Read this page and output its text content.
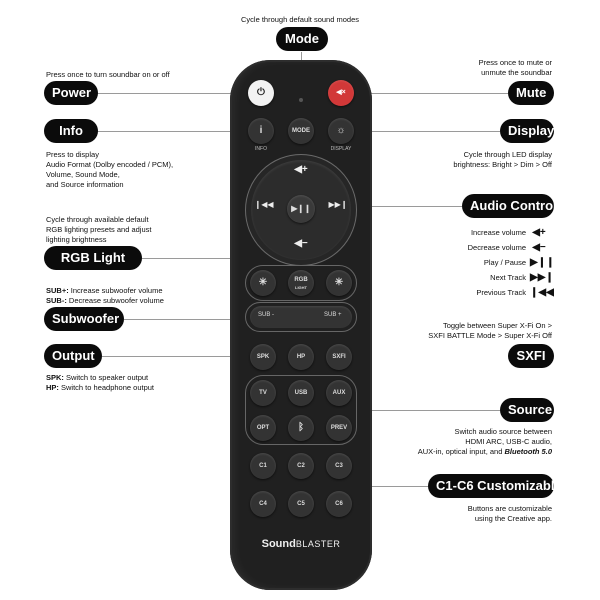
Cycle through default sound modes
Mode
Press once to turn soundbar on or off
Power
Info
Press to display
Audio Format (Dolby encoded / PCM),
Volume, Sound Mode,
and Source information
Cycle through available default
RGB lighting presets and adjust
lighting brightness
RGB Light
SUB+: Increase subwoofer volume
SUB-: Decrease subwoofer volume
Subwoofer
Output
SPK: Switch to speaker output
HP: Switch to headphone output
Press once to mute or
unmute the soundbar
Mute
Display
Cycle through LED display
brightness: Bright > Dim > Off
Audio Control
Increase volume ◀+
Decrease volume ◀−
Play / Pause ▶❙❙
Next Track ▶▶❙
Previous Track ❙◀◀
Toggle between Super X-Fi On >
SXFI BATTLE Mode > Super X-Fi Off
SXFI
Source
Switch audio source between
HDMI ARC, USB-C audio,
AUX-in, optical input, and Bluetooth 5.0
C1-C6 Customizable
Buttons are customizable
using the Creative app.
⏻	◀×
i
INFO
MODE	☼
DISPLAY
◀+
◀−
❙◀◀	▶❙❙	▶▶❙
✳	RGB
LIGHT	✳
SUB -	SUB +
SPK	HP	SXFI
TV	USB	AUX
OPT	ᛒ	PREV
C1	C2	C3
C4	C5	C6
SoundBLASTER
